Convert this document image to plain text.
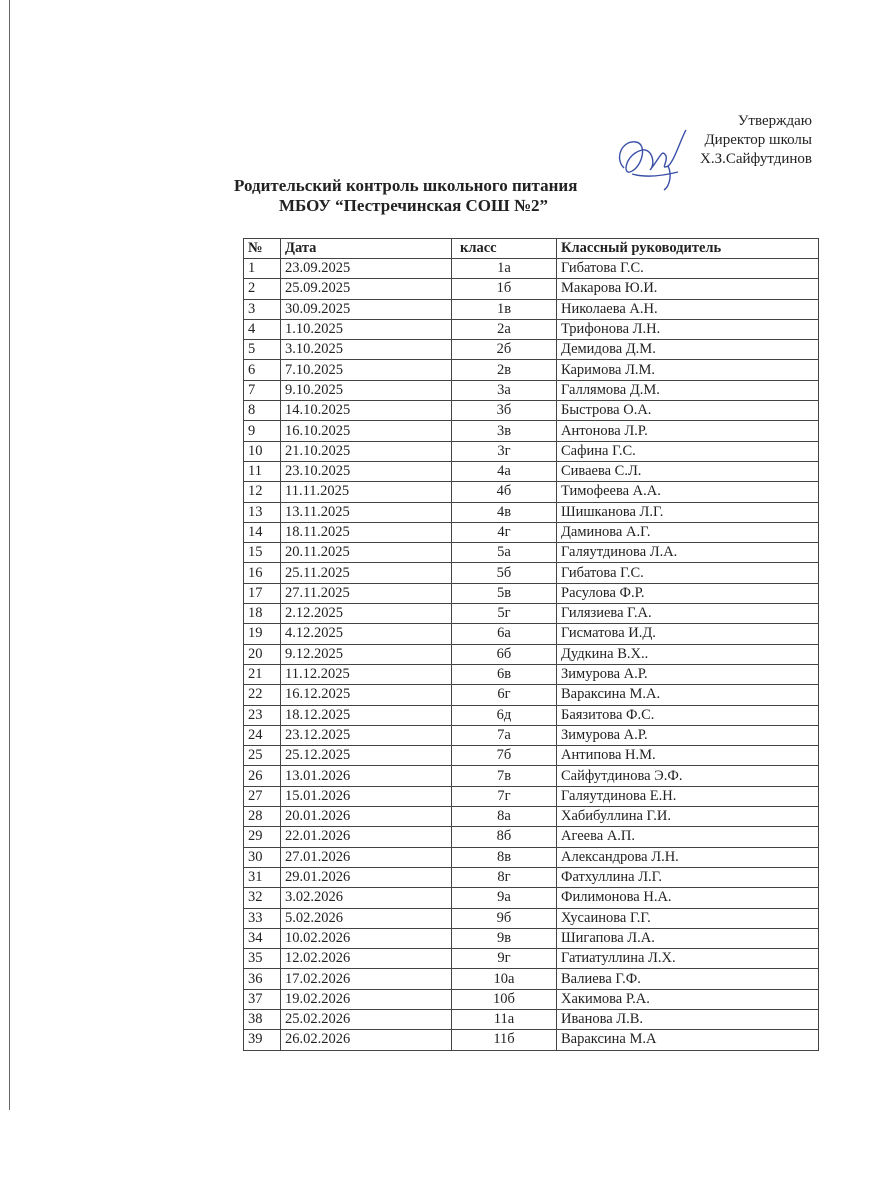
Утверждаю
Директор школы
Х.З.Сайфутдинов
Родительский контроль школьного питания
МБОУ “Пестречинская СОШ №2”
№	Дата	класс	Классный руководитель
1	23.09.2025	1а	Гибатова Г.С.
2	25.09.2025	1б	Макарова Ю.И.
3	30.09.2025	1в	Николаева А.Н.
4	1.10.2025	2а	Трифонова Л.Н.
5	3.10.2025	2б	Демидова Д.М.
6	7.10.2025	2в	Каримова Л.М.
7	9.10.2025	3а	Галлямова Д.М.
8	14.10.2025	3б	Быстрова О.А.
9	16.10.2025	3в	Антонова Л.Р.
10	21.10.2025	3г	Сафина Г.С.
11	23.10.2025	4а	Сиваева С.Л.
12	11.11.2025	4б	Тимофеева А.А.
13	13.11.2025	4в	Шишканова Л.Г.
14	18.11.2025	4г	Даминова А.Г.
15	20.11.2025	5а	Галяутдинова Л.А.
16	25.11.2025	5б	Гибатова Г.С.
17	27.11.2025	5в	Расулова Ф.Р.
18	2.12.2025	5г	Гилязиева Г.А.
19	4.12.2025	6а	Гисматова И.Д.
20	9.12.2025	6б	Дудкина В.Х..
21	11.12.2025	6в	Зимурова А.Р.
22	16.12.2025	6г	Вараксина М.А.
23	18.12.2025	6д	Баязитова Ф.С.
24	23.12.2025	7а	Зимурова А.Р.
25	25.12.2025	7б	Антипова Н.М.
26	13.01.2026	7в	Сайфутдинова Э.Ф.
27	15.01.2026	7г	Галяутдинова Е.Н.
28	20.01.2026	8а	Хабибуллина Г.И.
29	22.01.2026	8б	Агеева А.П.
30	27.01.2026	8в	Александрова Л.Н.
31	29.01.2026	8г	Фатхуллина Л.Г.
32	3.02.2026	9а	Филимонова Н.А.
33	5.02.2026	9б	Хусаинова Г.Г.
34	10.02.2026	9в	Шигапова Л.А.
35	12.02.2026	9г	Гатиатуллина Л.Х.
36	17.02.2026	10а	Валиева Г.Ф.
37	19.02.2026	10б	Хакимова Р.А.
38	25.02.2026	11а	Иванова Л.В.
39	26.02.2026	11б	Вараксина М.А
